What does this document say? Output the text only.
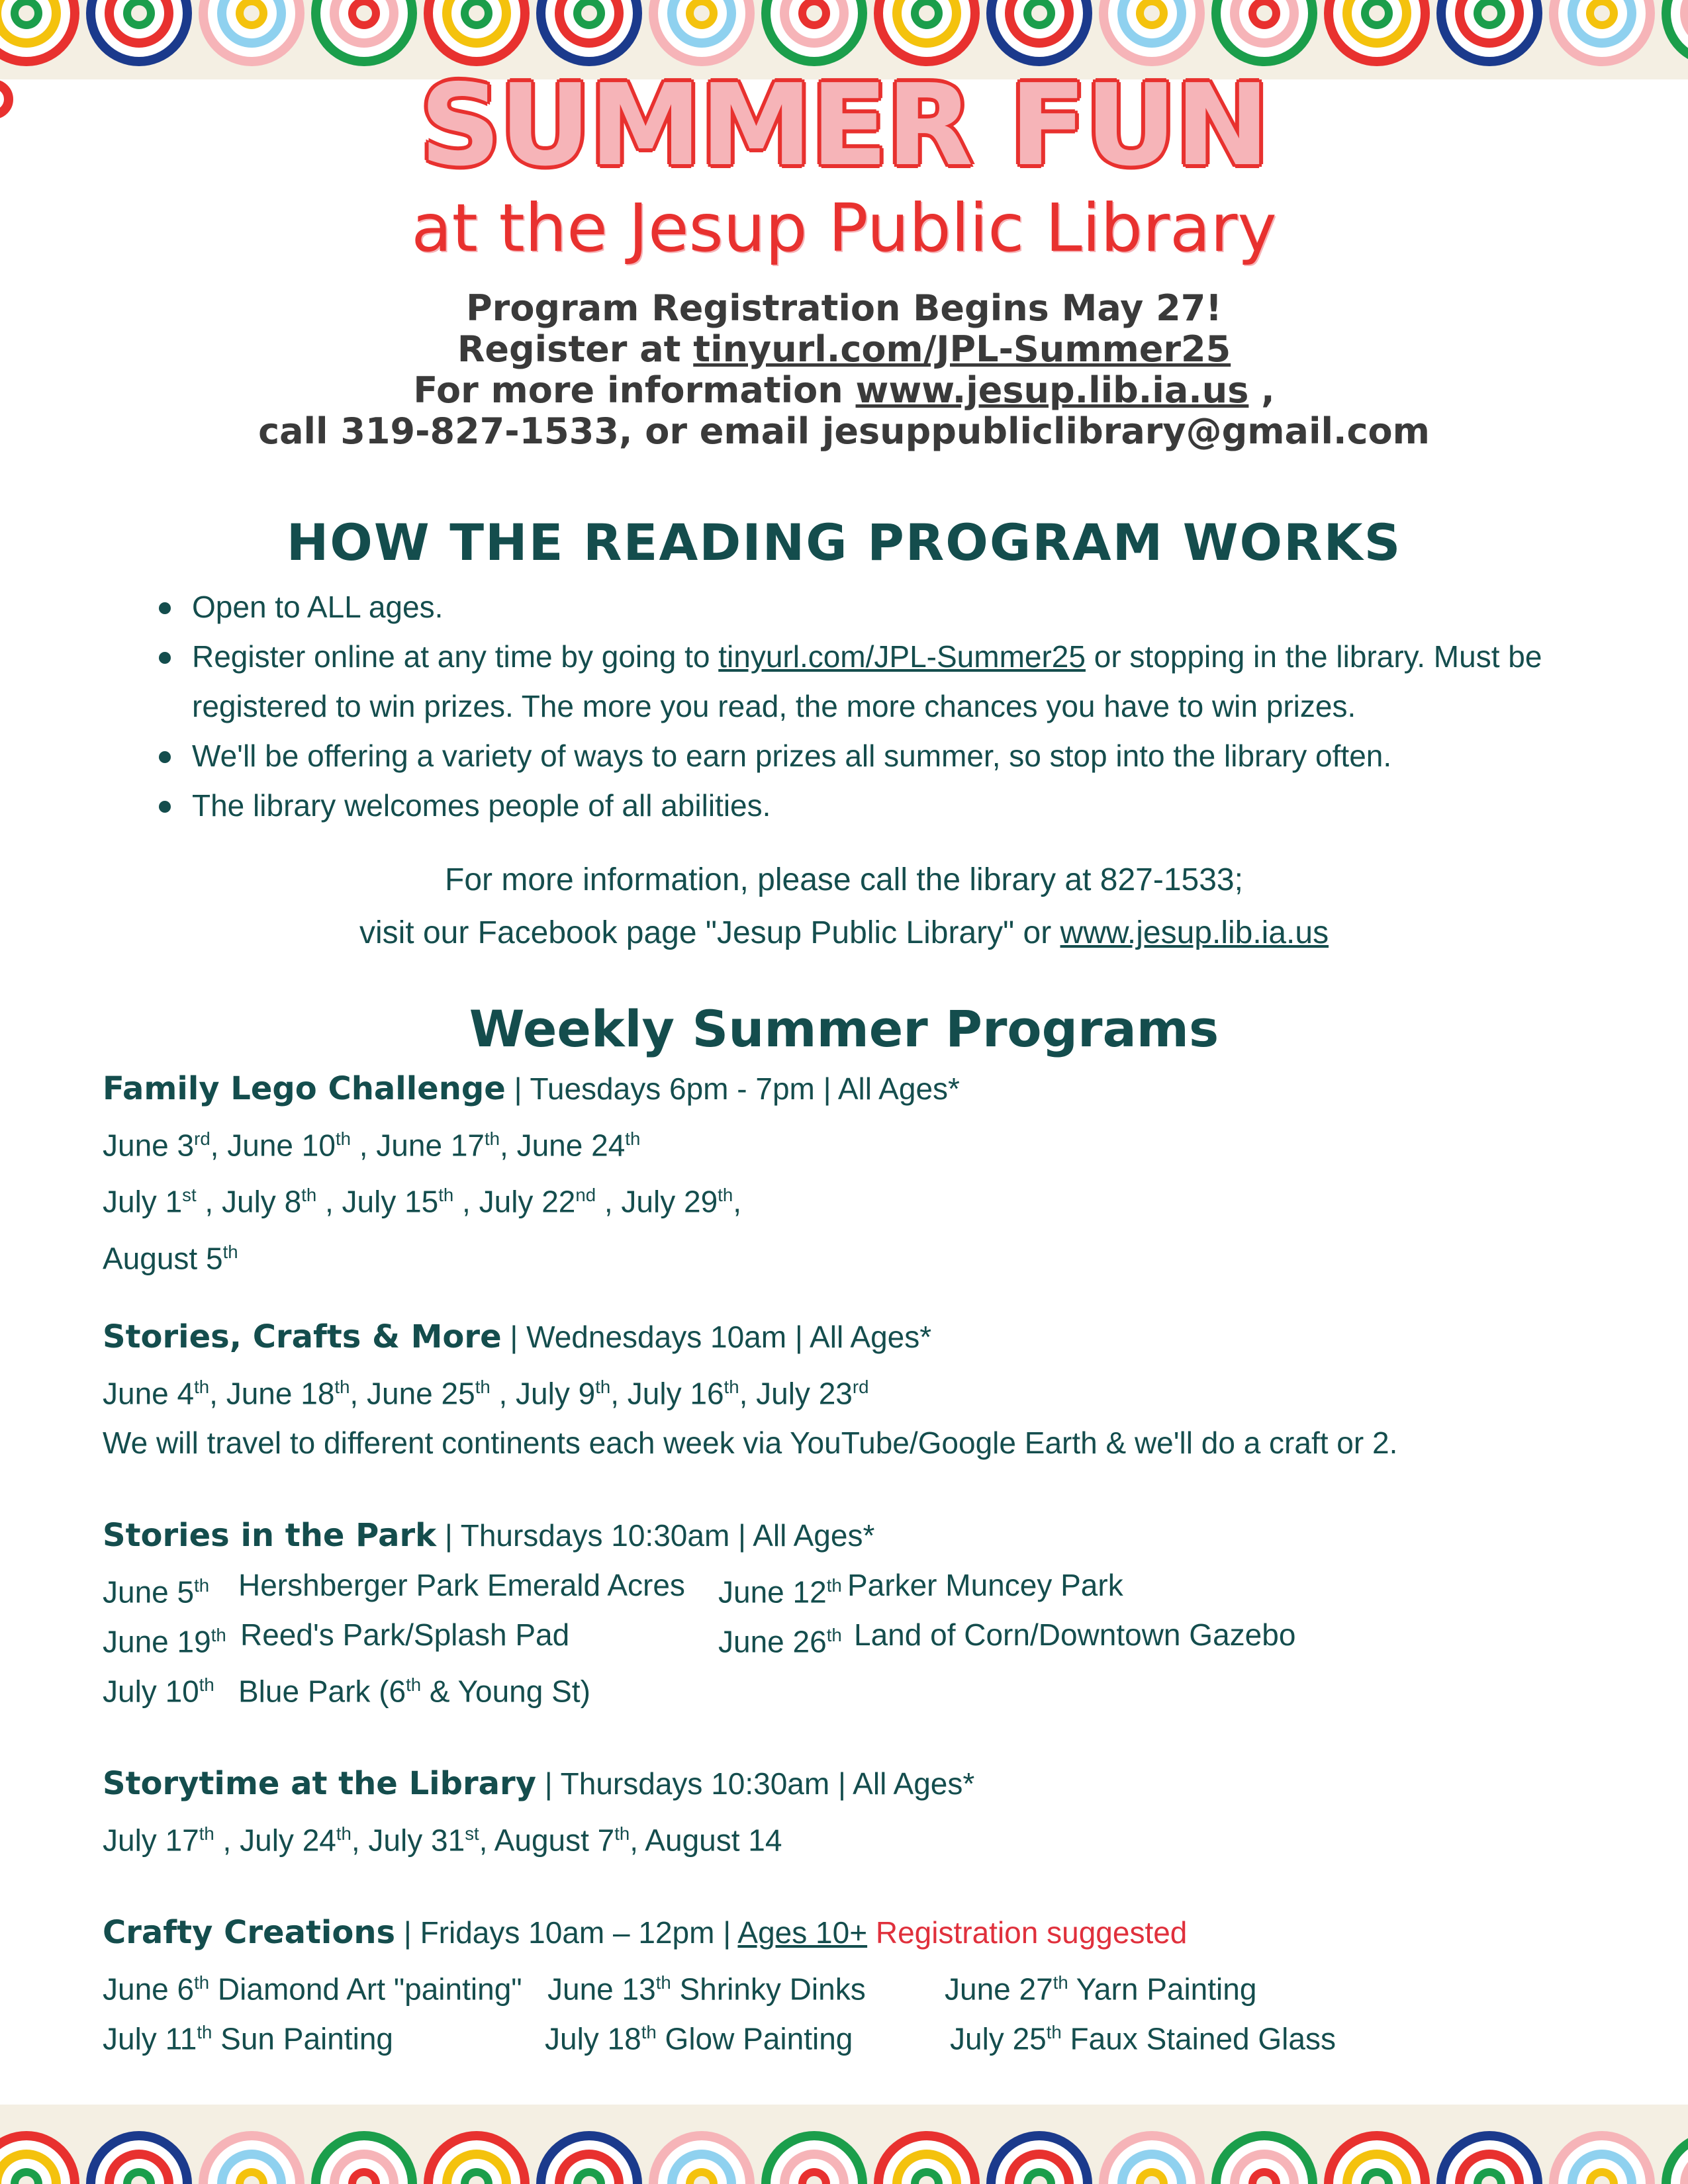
SUMMER FUN
at the Jesup Public Library
Program Registration Begins May 27!
Register at tinyurl.com/JPL-Summer25
For more information www.jesup.lib.ia.us ,
call 319-827-1533, or email jesuppubliclibrary@gmail.com
HOW THE READING PROGRAM WORKS
Open to ALL ages.
Register online at any time by going to tinyurl.com/JPL-Summer25 or stopping in the library. Must be
registered to win prizes. The more you read, the more chances you have to win prizes.
We'll be offering a variety of ways to earn prizes all summer, so stop into the library often.
The library welcomes people of all abilities.
For more information, please call the library at 827-1533;
visit our Facebook page "Jesup Public Library" or www.jesup.lib.ia.us
Weekly Summer Programs
Family Lego Challenge | Tuesdays 6pm - 7pm | All Ages*
June 3rd, June 10th , June 17th, June 24th
July 1st , July 8th , July 15th , July 22nd , July 29th,
August 5th
Stories, Crafts & More | Wednesdays 10am | All Ages*
June 4th, June 18th, June 25th , July 9th, July 16th, July 23rd
We will travel to different continents each week via YouTube/Google Earth & we'll do a craft or 2.
Stories in the Park | Thursdays 10:30am | All Ages*
June 5th Hershberger Park Emerald Acres June 12th Parker Muncey Park
June 19th Reed's Park/Splash Pad	June 26th Land of Corn/Downtown Gazebo
July 10th Blue Park (6th & Young St)
Storytime at the Library | Thursdays 10:30am | All Ages*
July 17th , July 24th, July 31st, August 7th, August 14
Crafty Creations | Fridays 10am – 12pm | Ages 10+ Registration suggested
June 6th Diamond Art "painting" June 13th Shrinky Dinks	June 27th Yarn Painting
July 11th Sun Painting	July 18th Glow Painting	July 25th Faux Stained Glass
